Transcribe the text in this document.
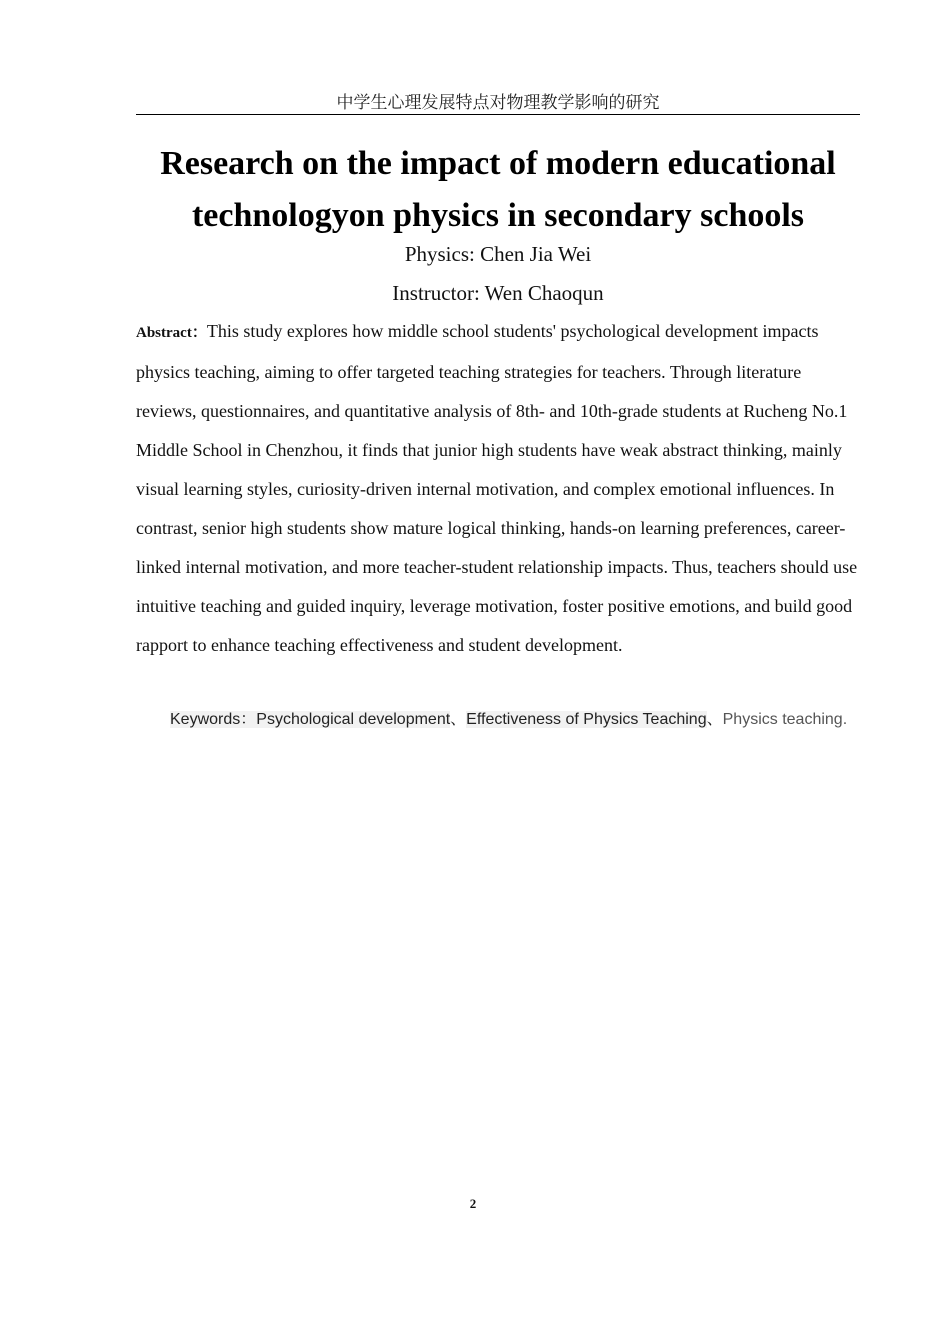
中学生心理发展特点对物理教学影响的研究
Research on the impact of modern educational
technologyon physics in secondary schools
Physics: Chen Jia Wei
Instructor: Wen Chaoqun

Abstract：This study explores how middle school students' psychological development impacts physics teaching, aiming to offer targeted teaching strategies for teachers. Through literature reviews, questionnaires, and quantitative analysis of 8th- and 10th-grade students at Rucheng No.1 Middle School in Chenzhou, it finds that junior high students have weak abstract thinking, mainly visual learning styles, curiosity-driven internal motivation, and complex emotional influences. In contrast, senior high students show mature logical thinking, hands-on learning preferences, career-linked internal motivation, and more teacher-student relationship impacts. Thus, teachers should use intuitive teaching and guided inquiry, leverage motivation, foster positive emotions, and build good rapport to enhance teaching effectiveness and student development.

Keywords：Psychological development、Effectiveness of Physics Teaching、Physics teaching.

2
